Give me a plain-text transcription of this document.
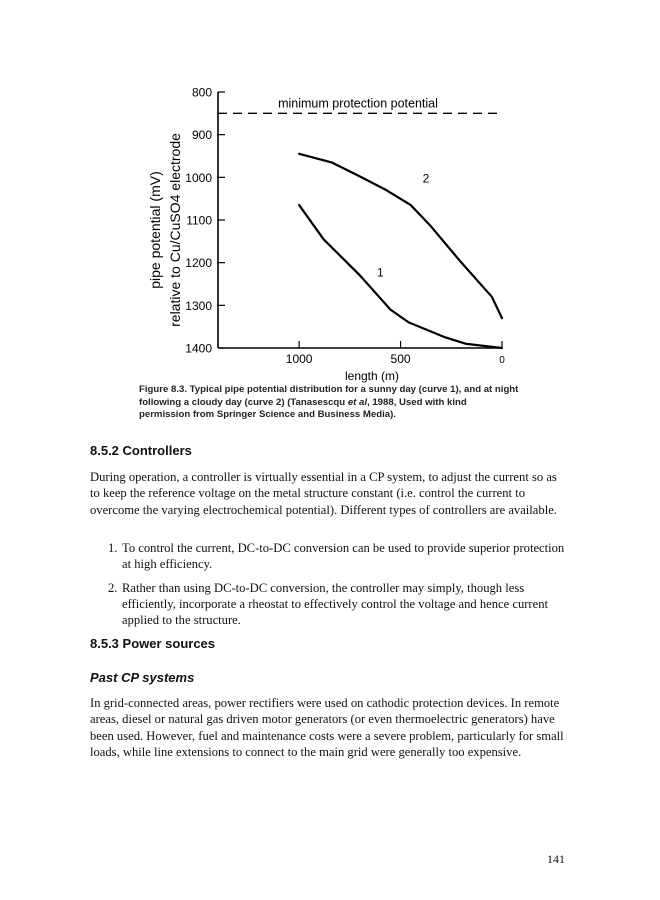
800
900
1000
1100
1200
1300
1400
1000	500	0
length (m)
pipe potential (mV) relative to Cu/CuSO4 electrode
minimum protection potential
1
2
Figure 8.3. Typical pipe potential distribution for a sunny day (curve 1), and at night following a cloudy day (curve 2) (Tanasescqu et al, 1988, Used with kind permission from Springer Science and Business Media).
8.5.2 Controllers
During operation, a controller is virtually essential in a CP system, to adjust the current so as to keep the reference voltage on the metal structure constant (i.e. control the current to overcome the varying electrochemical potential). Different types of controllers are available.
1. To control the current, DC-to-DC conversion can be used to provide superior protection at high efficiency.
2. Rather than using DC-to-DC conversion, the controller may simply, though less efficiently, incorporate a rheostat to effectively control the voltage and hence current applied to the structure.
8.5.3 Power sources
Past CP systems
In grid-connected areas, power rectifiers were used on cathodic protection devices. In remote areas, diesel or natural gas driven motor generators (or even thermoelectric generators) have been used. However, fuel and maintenance costs were a severe problem, particularly for small loads, while line extensions to connect to the main grid were generally too expensive.
141
